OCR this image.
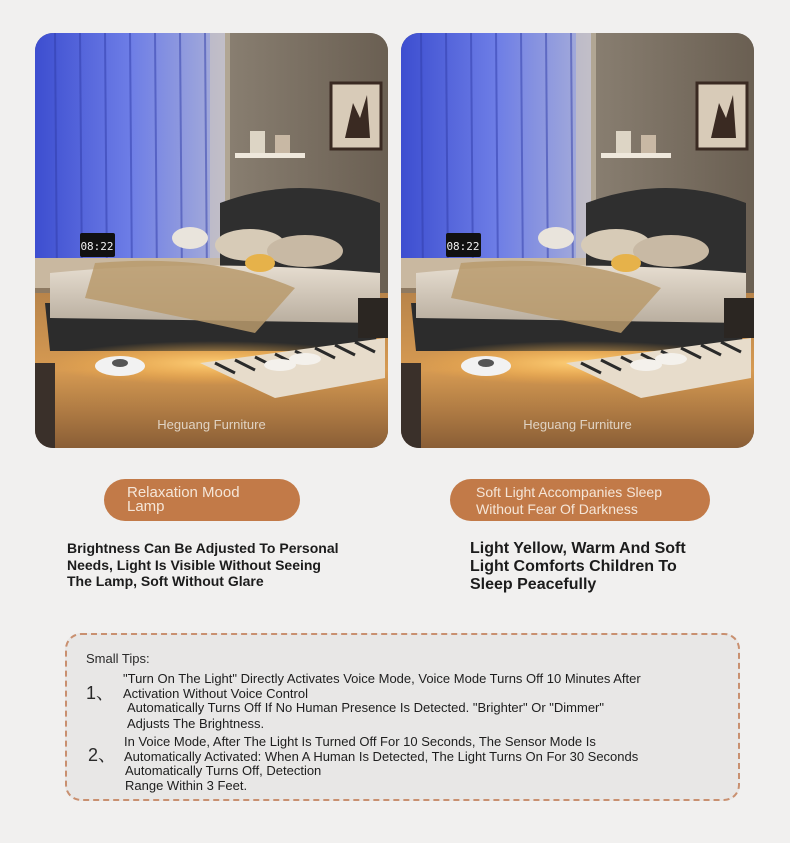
08:22
Heguang Furniture
08:22
Heguang Furniture
Relaxation Mood
Lamp
Soft Light Accompanies Sleep
Without Fear Of Darkness
Brightness Can Be Adjusted To Personal
Needs, Light Is Visible Without Seeing
The Lamp, Soft Without Glare
Light Yellow, Warm And Soft
Light Comforts Children To
Sleep Peacefully
Small Tips:
1、
"Turn On The Light" Directly Activates Voice Mode, Voice Mode Turns Off 10 Minutes After
Activation Without Voice Control
Automatically Turns Off If No Human Presence Is Detected. "Brighter" Or "Dimmer"
Adjusts The Brightness.
2、
In Voice Mode, After The Light Is Turned Off For 10 Seconds, The Sensor Mode Is
Automatically Activated: When A Human Is Detected, The Light Turns On For 30 Seconds
Automatically Turns Off, Detection
Range Within 3 Feet.
